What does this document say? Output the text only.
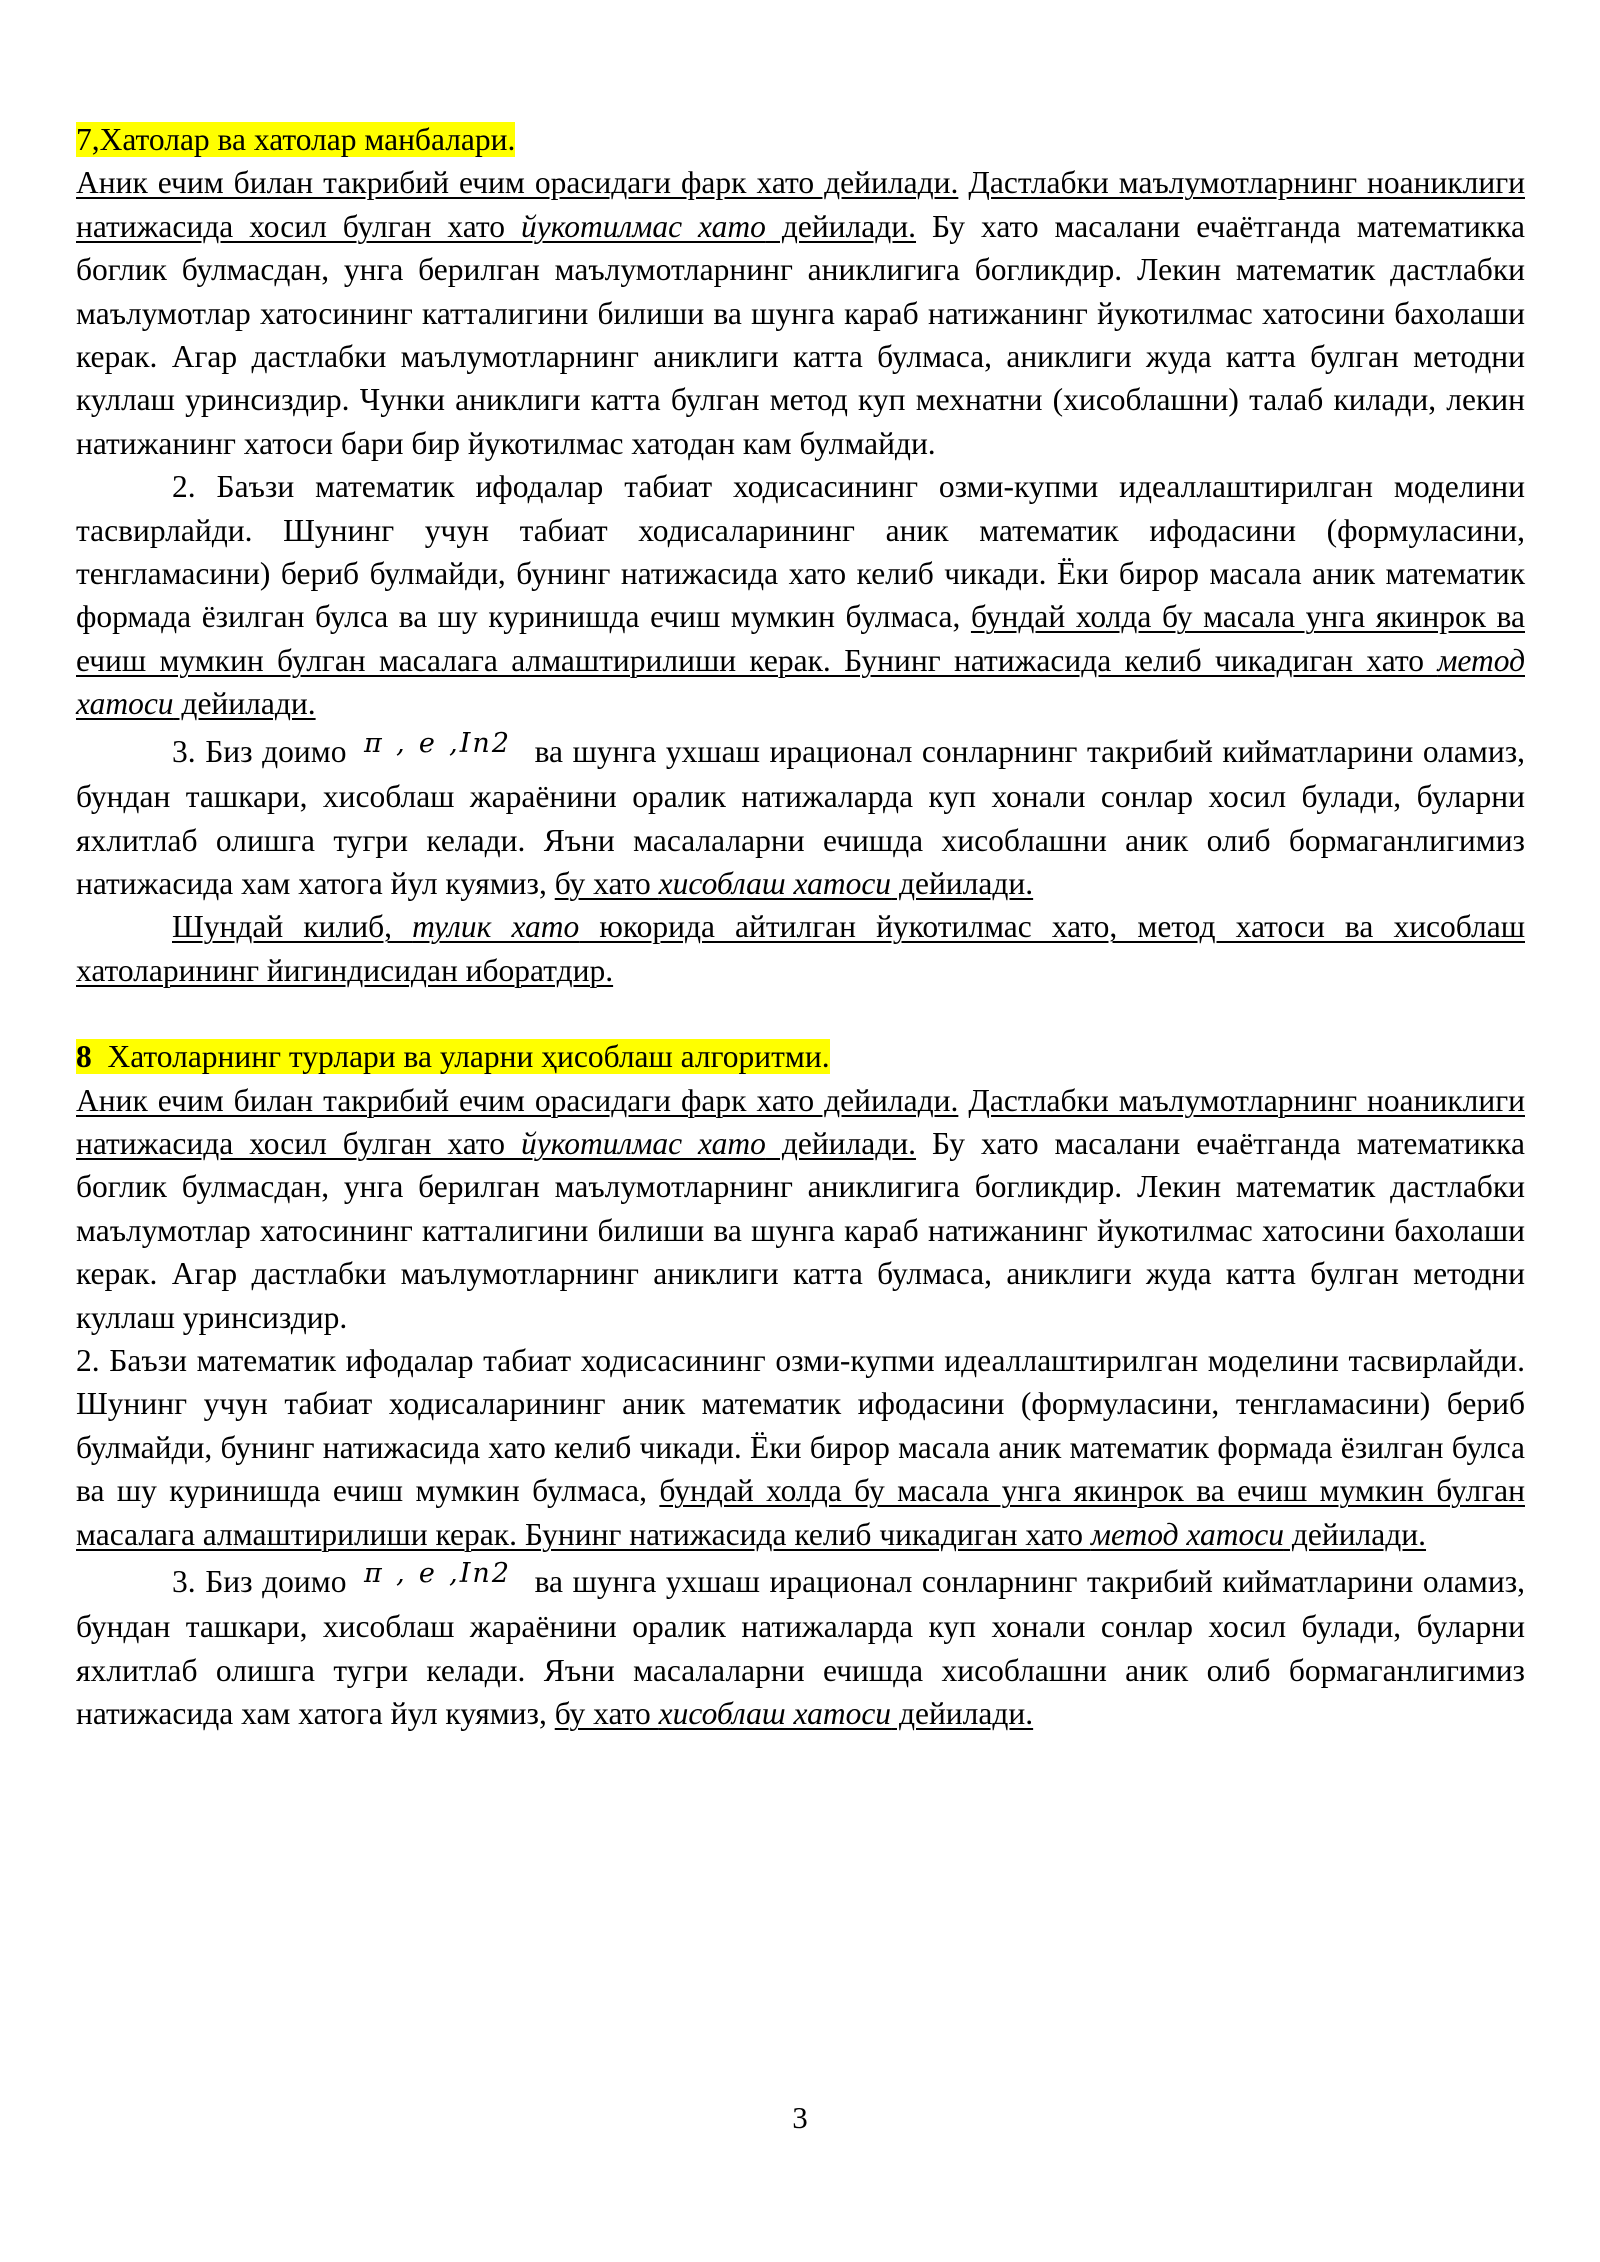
7,Хатолар ва хатолар манбалари.

Аник ечим билан такрибий ечим орасидаги фарк хато дейилади. Дастлабки маълумотларнинг ноаниклиги натижасида хосил булган хато йукотилмас хато дейилади. Бу хато масалани ечаётганда математикка боглик булмасдан, унга берилган маълумотларнинг аниклигига богликдир. Лекин математик дастлабки маълумотлар хатосининг катталигини билиши ва шунга караб натижанинг йукотилмас хатосини бахолаши керак. Агар дастлабки маълумотларнинг аниклиги катта булмаса, аниклиги жуда катта булган методни куллаш уринсиздир. Чунки аниклиги катта булган метод куп мехнатни (хисоблашни) талаб килади, лекин натижанинг хатоси бари бир йукотилмас хатодан кам булмайди.

2. Баъзи математик ифодалар табиат ходисасининг озми-купми идеаллаштирилган моделини тасвирлайди. Шунинг учун табиат ходисаларининг аник математик ифодасини (формуласини, тенгламасини) бериб булмайди, бунинг натижасида хато келиб чикади. Ёки бирор масала аник математик формада ёзилган булса ва шу куринишда ечиш мумкин булмаса, бундай холда бу масала унга якинрок ва ечиш мумкин булган масалага алмаштирилиши керак. Бунинг натижасида келиб чикадиган хато метод хатоси дейилади.

3. Биз доимо π , e ,In2 ва шунга ухшаш ирационал сонларнинг такрибий кийматларини оламиз, бундан ташкари, хисоблаш жараёнини оралик натижаларда куп хонали сонлар хосил булади, буларни яхлитлаб олишга тугри келади. Яъни масалаларни ечишда хисоблашни аник олиб бормаганлигимиз натижасида хам хатога йул куямиз, бу хато хисоблаш хатоси дейилади.

Шундай килиб, тулик хато юкорида айтилган йукотилмас хато, метод хатоси ва хисоблаш хатоларининг йигиндисидан иборатдир.

8  Хатоларнинг турлари ва уларни ҳисоблаш алгоритми.

Аник ечим билан такрибий ечим орасидаги фарк хато дейилади. Дастлабки маълумотларнинг ноаниклиги натижасида хосил булган хато йукотилмас хато дейилади. Бу хато масалани ечаётганда математикка боглик булмасдан, унга берилган маълумотларнинг аниклигига богликдир. Лекин математик дастлабки маълумотлар хатосининг катталигини билиши ва шунга караб натижанинг йукотилмас хатосини бахолаши керак. Агар дастлабки маълумотларнинг аниклиги катта булмаса, аниклиги жуда катта булган методни куллаш уринсиздир.

2. Баъзи математик ифодалар табиат ходисасининг озми-купми идеаллаштирилган моделини тасвирлайди. Шунинг учун табиат ходисаларининг аник математик ифодасини (формуласини, тенгламасини) бериб булмайди, бунинг натижасида хато келиб чикади. Ёки бирор масала аник математик формада ёзилган булса ва шу куринишда ечиш мумкин булмаса, бундай холда бу масала унга якинрок ва ечиш мумкин булган масалага алмаштирилиши керак. Бунинг натижасида келиб чикадиган хато метод хатоси дейилади.

3. Биз доимо π , e ,In2 ва шунга ухшаш ирационал сонларнинг такрибий кийматларини оламиз, бундан ташкари, хисоблаш жараёнини оралик натижаларда куп хонали сонлар хосил булади, буларни яхлитлаб олишга тугри келади. Яъни масалаларни ечишда хисоблашни аник олиб бормаганлигимиз натижасида хам хатога йул куямиз, бу хато хисоблаш хатоси дейилади.

3
